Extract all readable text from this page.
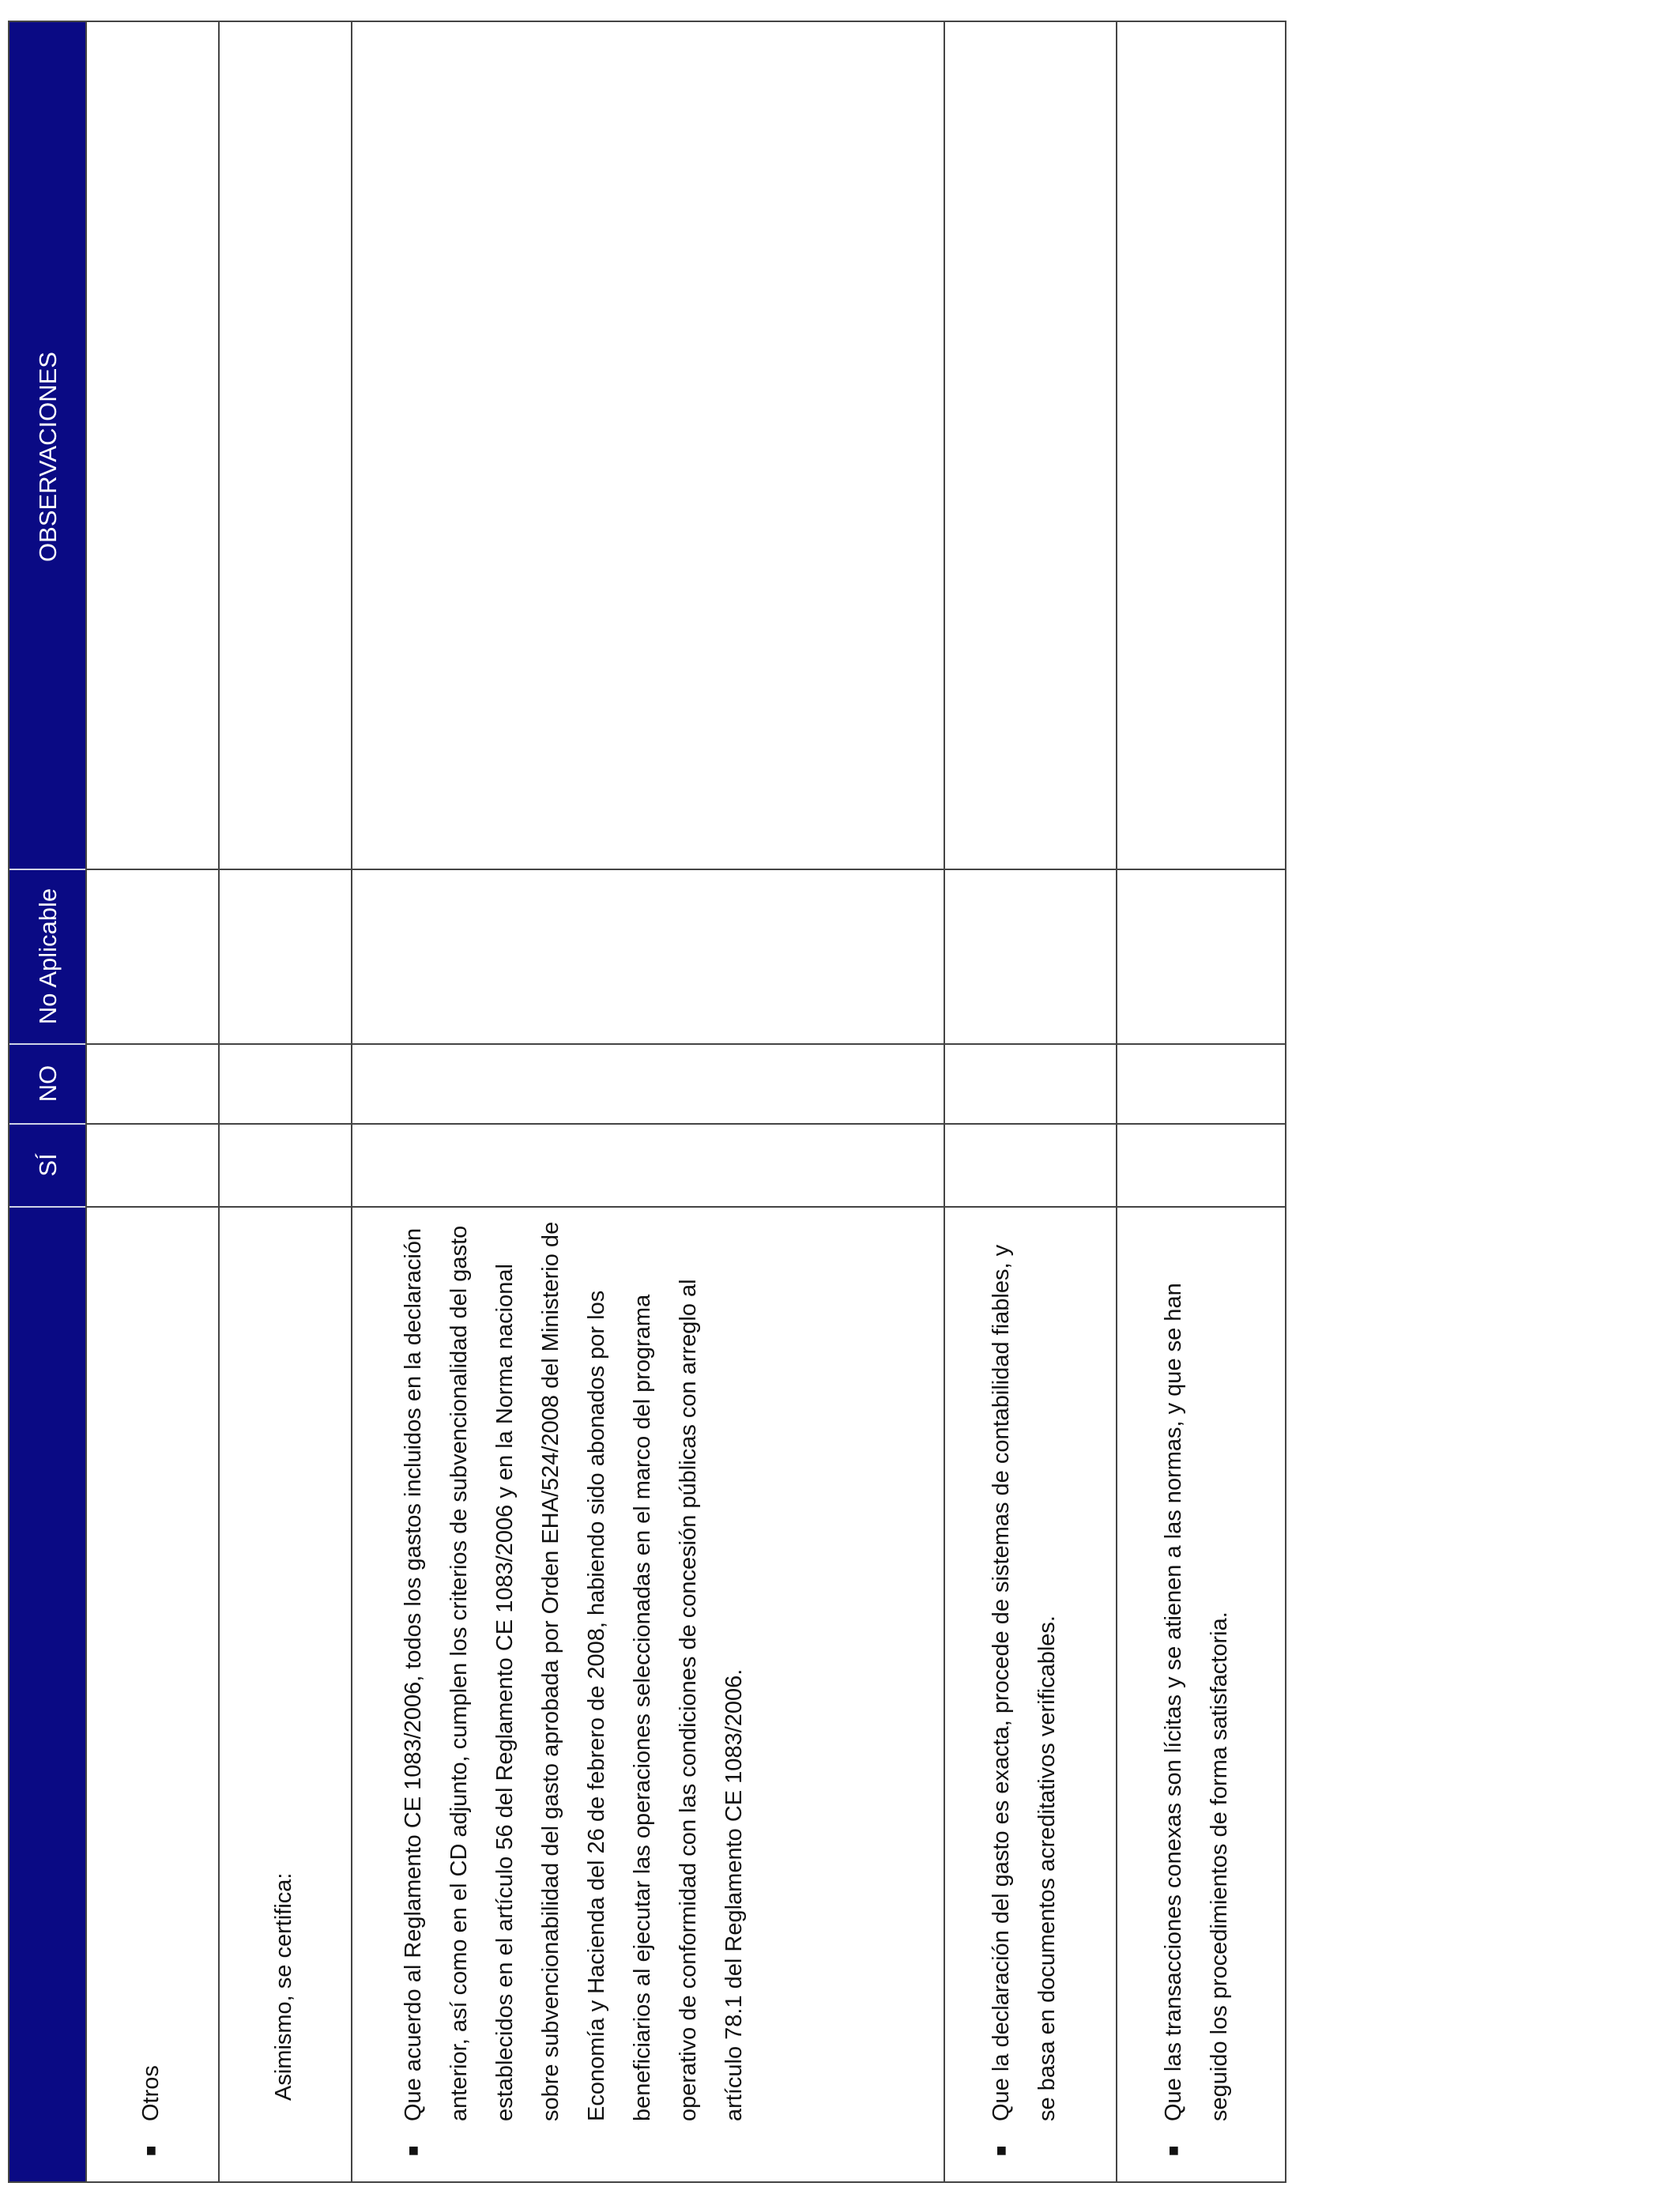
SÍ
NO
No Aplicable
OBSERVACIONES
■

Otros	Asimismo, se certifica:

■

Que acuerdo al Reglamento CE 1083/2006, todos los gastos incluidos en la declaración anterior, así como en el CD adjunto, cumplen los criterios de subvencionalidad del gasto establecidos en el artículo 56 del Reglamento CE 1083/2006 y en la Norma nacional sobre subvencionabilidad del gasto aprobada por Orden EHA/524/2008 del Ministerio de Economía y Hacienda del 26 de febrero de 2008, habiendo sido abonados por los beneficiarios al ejecutar las operaciones seleccionadas en el marco del programa operativo de conformidad con las condiciones de concesión públicas con arreglo al artículo 78.1 del Reglamento CE 1083/2006.

■

Que la declaración del gasto es exacta, procede de sistemas de contabilidad fiables, y se basa en documentos acreditativos verificables.

■

Que las transacciones conexas son lícitas y se atienen a las normas, y que se han seguido los procedimientos de forma satisfactoria.
